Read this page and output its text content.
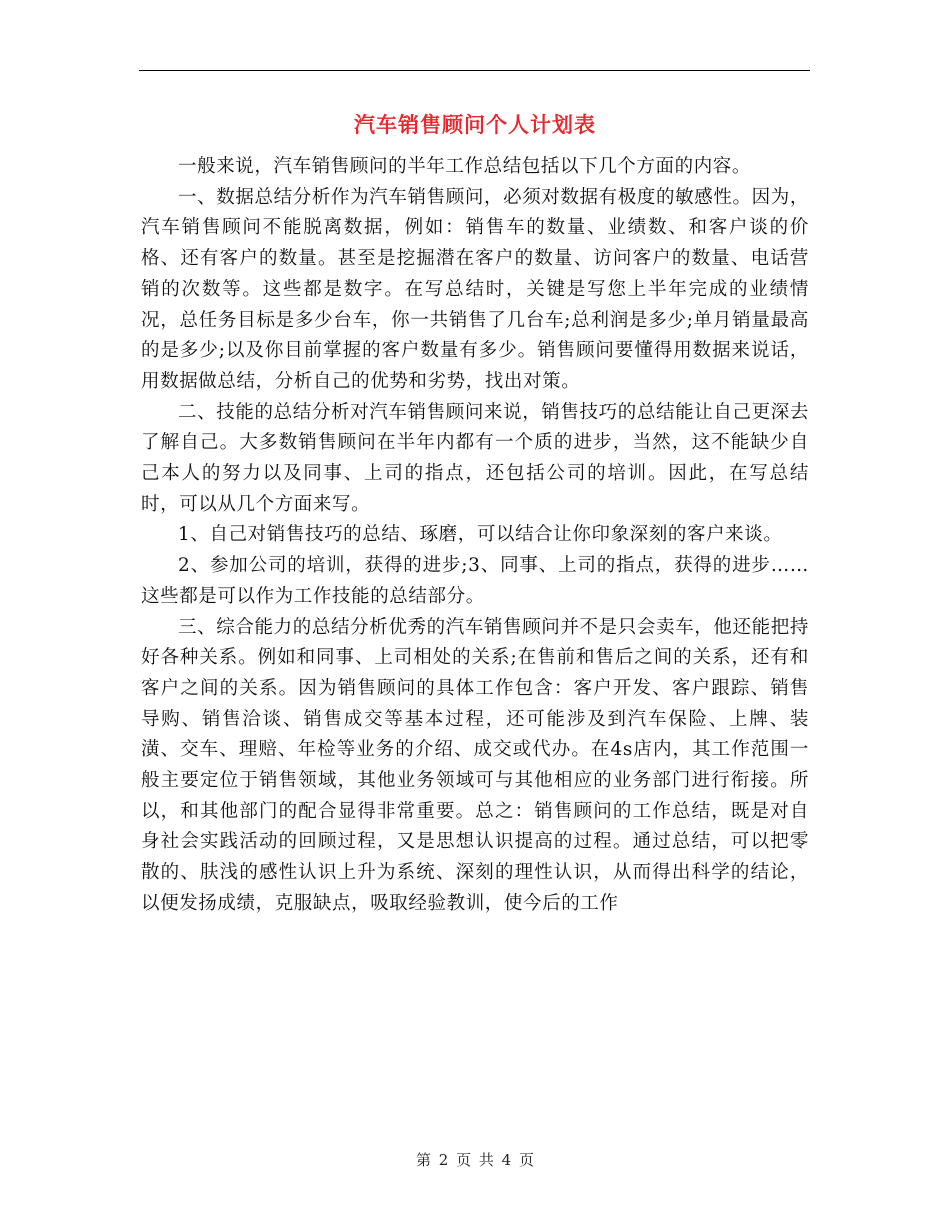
汽车销售顾问个人计划表

一般来说，汽车销售顾问的半年工作总结包括以下几个方面的内容。

一、数据总结分析作为汽车销售顾问，必须对数据有极度的敏感性。因为，汽车销售顾问不能脱离数据，例如：销售车的数量、业绩数、和客户谈的价格、还有客户的数量。甚至是挖掘潜在客户的数量、访问客户的数量、电话营销的次数等。这些都是数字。在写总结时，关键是写您上半年完成的业绩情况，总任务目标是多少台车，你一共销售了几台车;总利润是多少;单月销量最高的是多少;以及你目前掌握的客户数量有多少。销售顾问要懂得用数据来说话，用数据做总结，分析自己的优势和劣势，找出对策。

二、技能的总结分析对汽车销售顾问来说，销售技巧的总结能让自己更深去了解自己。大多数销售顾问在半年内都有一个质的进步，当然，这不能缺少自己本人的努力以及同事、上司的指点，还包括公司的培训。因此，在写总结时，可以从几个方面来写。

1、自己对销售技巧的总结、琢磨，可以结合让你印象深刻的客户来谈。

2、参加公司的培训，获得的进步;3、同事、上司的指点，获得的进步……这些都是可以作为工作技能的总结部分。

三、综合能力的总结分析优秀的汽车销售顾问并不是只会卖车，他还能把持好各种关系。例如和同事、上司相处的关系;在售前和售后之间的关系，还有和客户之间的关系。因为销售顾问的具体工作包含：客户开发、客户跟踪、销售导购、销售洽谈、销售成交等基本过程，还可能涉及到汽车保险、上牌、装潢、交车、理赔、年检等业务的介绍、成交或代办。在4s店内，其工作范围一般主要定位于销售领域，其他业务领域可与其他相应的业务部门进行衔接。所以，和其他部门的配合显得非常重要。总之：销售顾问的工作总结，既是对自身社会实践活动的回顾过程，又是思想认识提高的过程。通过总结，可以把零散的、肤浅的感性认识上升为系统、深刻的理性认识，从而得出科学的结论，以便发扬成绩，克服缺点，吸取经验教训，使今后的工作

第 2 页 共 4 页
